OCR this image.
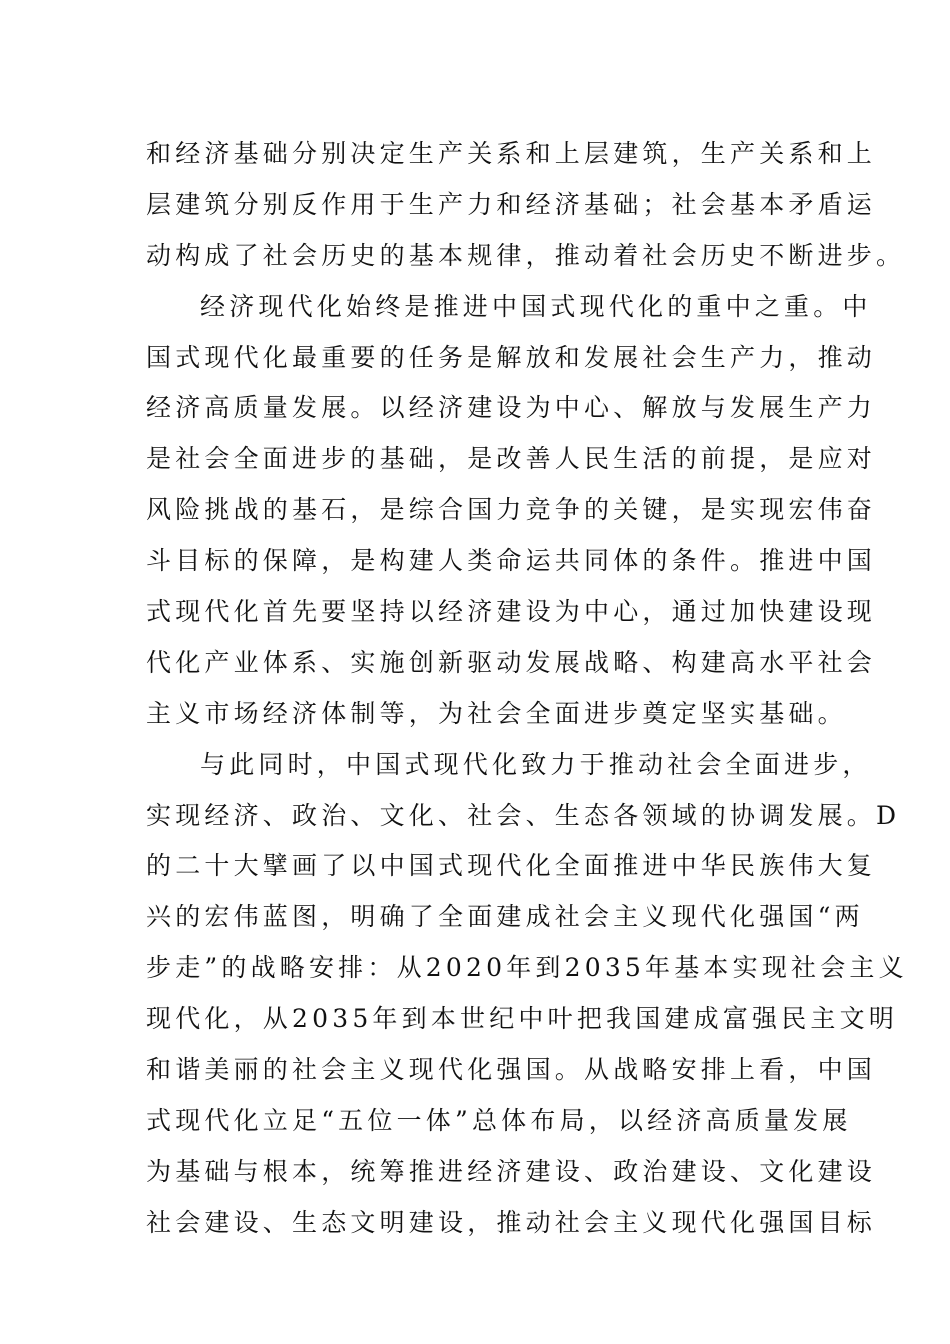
和经济基础分别决定生产关系和上层建筑，生产关系和上
层建筑分别反作用于生产力和经济基础；社会基本矛盾运
动构成了社会历史的基本规律，推动着社会历史不断进步。
经济现代化始终是推进中国式现代化的重中之重。中
国式现代化最重要的任务是解放和发展社会生产力，推动
经济高质量发展。以经济建设为中心、解放与发展生产力
是社会全面进步的基础，是改善人民生活的前提，是应对
风险挑战的基石，是综合国力竞争的关键，是实现宏伟奋
斗目标的保障，是构建人类命运共同体的条件。推进中国
式现代化首先要坚持以经济建设为中心，通过加快建设现
代化产业体系、实施创新驱动发展战略、构建高水平社会
主义市场经济体制等，为社会全面进步奠定坚实基础。
与此同时，中国式现代化致力于推动社会全面进步，
实现经济、政治、文化、社会、生态各领域的协调发展。D
的二十大擘画了以中国式现代化全面推进中华民族伟大复
兴的宏伟蓝图，明确了全面建成社会主义现代化强国“两
步走”的战略安排：从2020年到2035年基本实现社会主义
现代化，从2035年到本世纪中叶把我国建成富强民主文明
和谐美丽的社会主义现代化强国。从战略安排上看，中国
式现代化立足“五位一体”总体布局，以经济高质量发展
为基础与根本，统筹推进经济建设、政治建设、文化建设
社会建设、生态文明建设，推动社会主义现代化强国目标
